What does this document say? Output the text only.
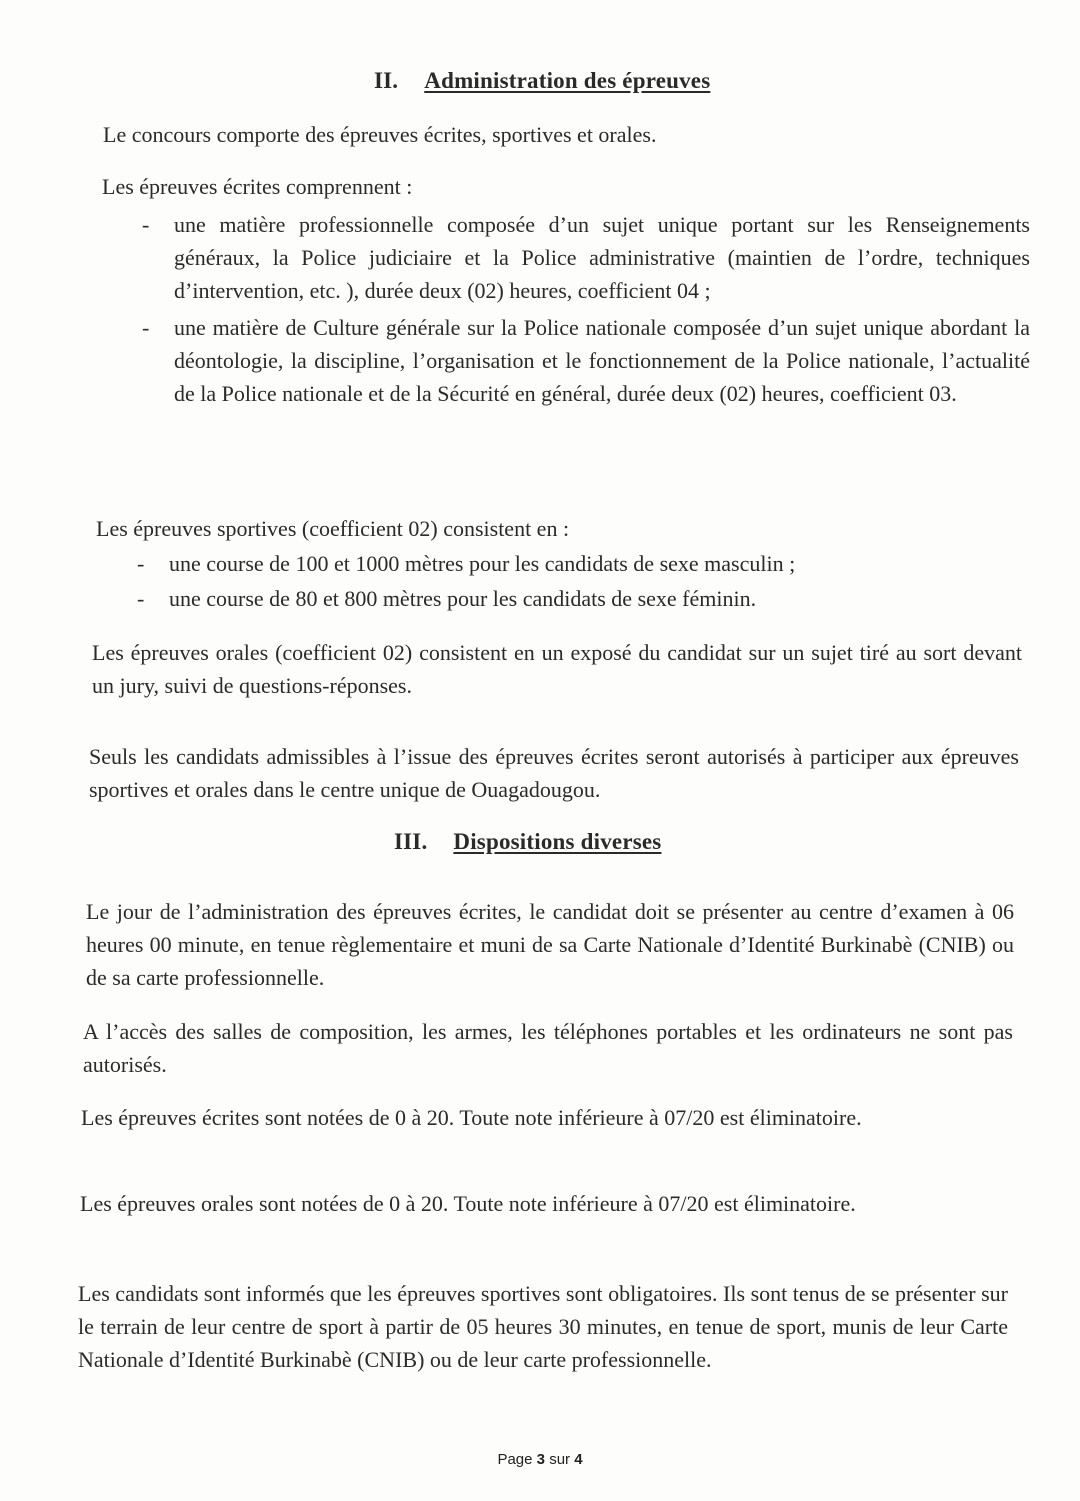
II. Administration des épreuves

Le concours comporte des épreuves écrites, sportives et orales.

Les épreuves écrites comprennent :

- une matière professionnelle composée d’un sujet unique portant sur les Renseignements généraux, la Police judiciaire et la Police administrative (maintien de l’ordre, techniques d’intervention, etc. ), durée deux (02) heures, coefficient 04 ;
- une matière de Culture générale sur la Police nationale composée d’un sujet unique abordant la déontologie, la discipline, l’organisation et le fonctionnement de la Police nationale, l’actualité de la Police nationale et de la Sécurité en général, durée deux (02) heures, coefficient 03.

Les épreuves sportives (coefficient 02) consistent en :

- une course de 100 et 1000 mètres pour les candidats de sexe masculin ;
- une course de 80 et 800 mètres pour les candidats de sexe féminin.

Les épreuves orales (coefficient 02) consistent en un exposé du candidat sur un sujet tiré au sort devant un jury, suivi de questions-réponses.

Seuls les candidats admissibles à l’issue des épreuves écrites seront autorisés à participer aux épreuves sportives et orales dans le centre unique de Ouagadougou.

III. Dispositions diverses

Le jour de l’administration des épreuves écrites, le candidat doit se présenter au centre d’examen à 06 heures 00 minute, en tenue règlementaire et muni de sa Carte Nationale d’Identité Burkinabè (CNIB) ou de sa carte professionnelle.

A l’accès des salles de composition, les armes, les téléphones portables et les ordinateurs ne sont pas autorisés.

Les épreuves écrites sont notées de 0 à 20. Toute note inférieure à 07/20 est éliminatoire.

Les épreuves orales sont notées de 0 à 20. Toute note inférieure à 07/20 est éliminatoire.

Les candidats sont informés que les épreuves sportives sont obligatoires. Ils sont tenus de se présenter sur le terrain de leur centre de sport à partir de 05 heures 30 minutes, en tenue de sport, munis de leur Carte Nationale d’Identité Burkinabè (CNIB) ou de leur carte professionnelle.

Page 3 sur 4
